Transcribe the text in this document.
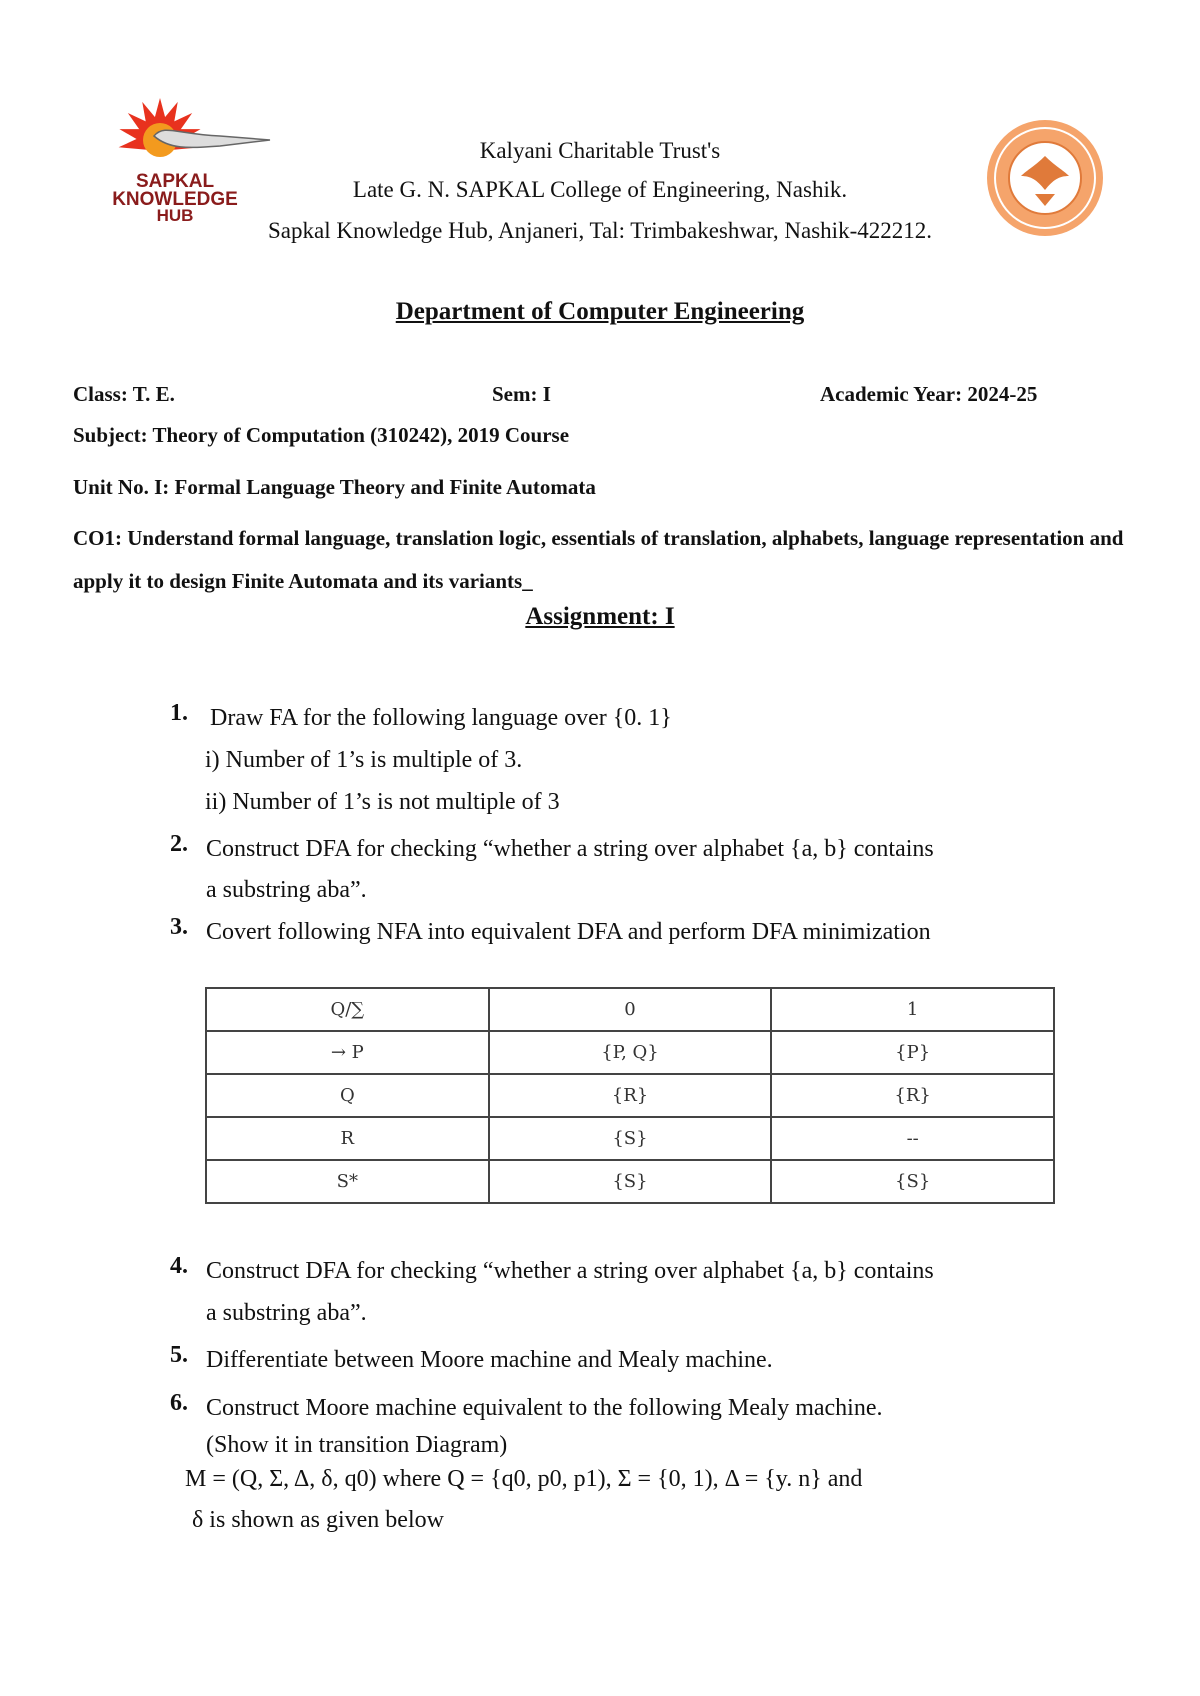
SAPKAL
KNOWLEDGE
HUB
Kalyani Charitable Trust's
Late G. N. SAPKAL College of Engineering, Nashik.
Sapkal Knowledge Hub, Anjaneri, Tal: Trimbakeshwar, Nashik-422212.
Department of Computer Engineering
Class: T. E.	Sem: I	Academic Year: 2024-25
Subject: Theory of Computation (310242), 2019 Course
Unit No. I: Formal Language Theory and Finite Automata
CO1: Understand formal language, translation logic, essentials of translation, alphabets, language representation and apply it to design Finite Automata and its variants_
Assignment: I
1. Draw FA for the following language over {0. 1}
i) Number of 1’s is multiple of 3.
ii) Number of 1’s is not multiple of 3
2. Construct DFA for checking “whether a string over alphabet {a, b} contains
a substring aba”.
3. Covert following NFA into equivalent DFA and perform DFA minimization
Q/∑	0	1
→ P	{P, Q}	{P}
Q	{R}	{R}
R	{S}	--
S*	{S}	{S}
4. Construct DFA for checking “whether a string over alphabet {a, b} contains
a substring aba”.
5. Differentiate between Moore machine and Mealy machine.
6. Construct Moore machine equivalent to the following Mealy machine.
(Show it in transition Diagram)
M = (Q, Σ, Δ, δ, q0) where Q = {q0, p0, p1), Σ = {0, 1), Δ = {y. n} and
δ is shown as given below
